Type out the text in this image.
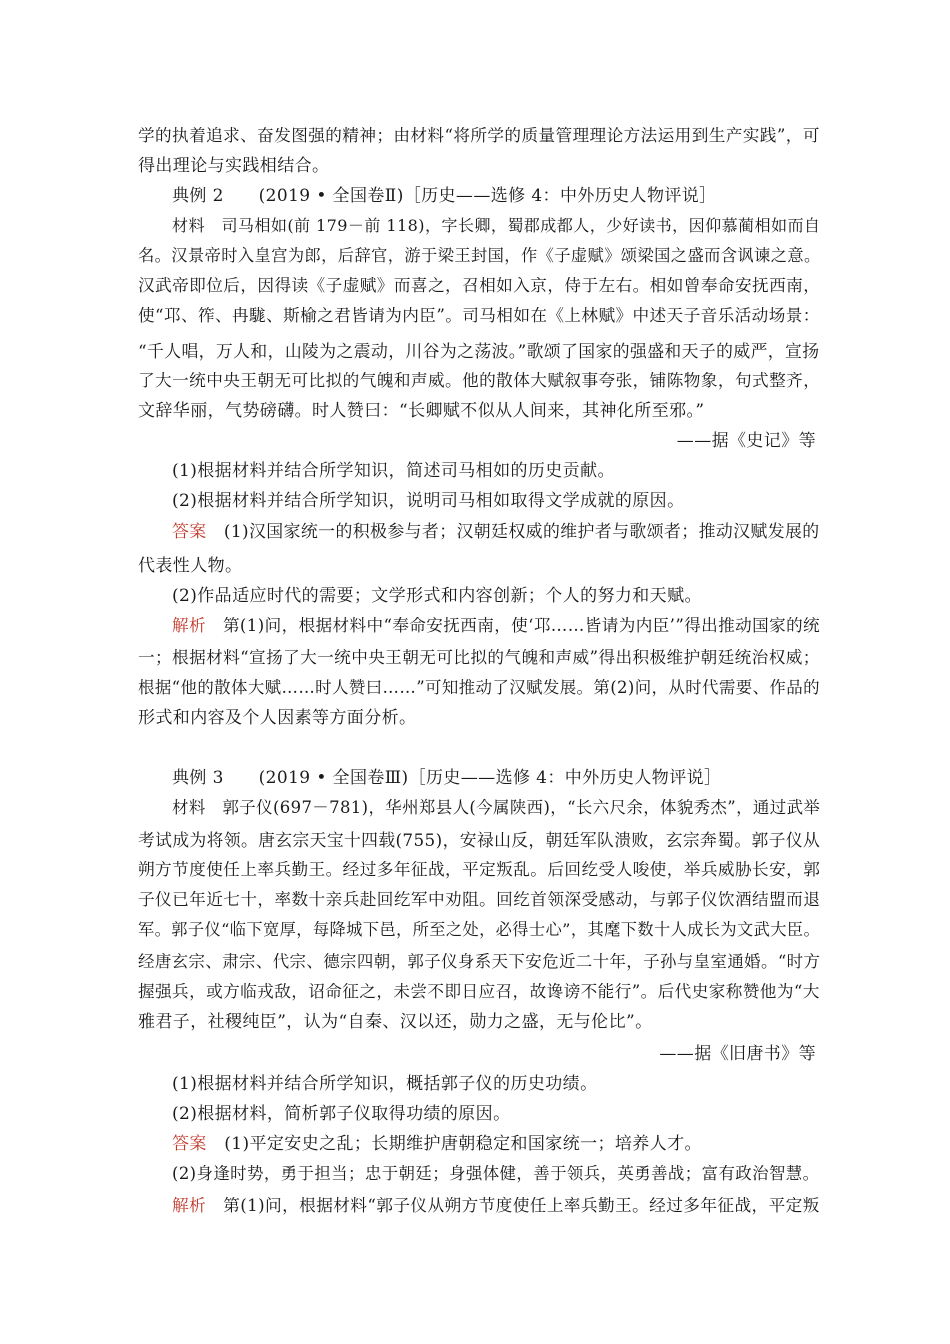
学的执着追求、奋发图强的精神；由材料“将所学的质量管理理论方法运用到生产实践”，可
得出理论与实践相结合。
典例 2　　(2019 • 全国卷Ⅱ)［历史——选修 4：中外历史人物评说］
材料　司马相如(前 179－前 118)，字长卿，蜀郡成都人，少好读书，因仰慕蔺相如而自
名。汉景帝时入皇宫为郎，后辞官，游于梁王封国，作《子虚赋》颂梁国之盛而含讽谏之意。
汉武帝即位后，因得读《子虚赋》而喜之，召相如入京，侍于左右。相如曾奉命安抚西南，
使“邛、筰、冉駹、斯榆之君皆请为内臣”。司马相如在《上林赋》中述天子音乐活动场景：
“千人唱，万人和，山陵为之震动，川谷为之荡波。”歌颂了国家的强盛和天子的威严，宣扬
了大一统中央王朝无可比拟的气魄和声威。他的散体大赋叙事夸张，铺陈物象，句式整齐，
文辞华丽，气势磅礴。时人赞曰：“长卿赋不似从人间来，其神化所至邪。”
——据《史记》等
(1)根据材料并结合所学知识，简述司马相如的历史贡献。
(2)根据材料并结合所学知识，说明司马相如取得文学成就的原因。
答案　(1)汉国家统一的积极参与者；汉朝廷权威的维护者与歌颂者；推动汉赋发展的
代表性人物。
(2)作品适应时代的需要；文学形式和内容创新；个人的努力和天赋。
解析　第(1)问，根据材料中“奉命安抚西南，使‘邛……皆请为内臣’”得出推动国家的统
一；根据材料“宣扬了大一统中央王朝无可比拟的气魄和声威”得出积极维护朝廷统治权威；
根据“他的散体大赋……时人赞曰……”可知推动了汉赋发展。第(2)问，从时代需要、作品的
形式和内容及个人因素等方面分析。
典例 3　　(2019 • 全国卷Ⅲ)［历史——选修 4：中外历史人物评说］
材料　郭子仪(697－781)，华州郑县人(今属陕西)，“长六尺余，体貌秀杰”，通过武举
考试成为将领。唐玄宗天宝十四载(755)，安禄山反，朝廷军队溃败，玄宗奔蜀。郭子仪从
朔方节度使任上率兵勤王。经过多年征战，平定叛乱。后回纥受人唆使，举兵威胁长安，郭
子仪已年近七十，率数十亲兵赴回纥军中劝阻。回纥首领深受感动，与郭子仪饮酒结盟而退
军。郭子仪“临下宽厚，每降城下邑，所至之处，必得士心”，其麾下数十人成长为文武大臣。
经唐玄宗、肃宗、代宗、德宗四朝，郭子仪身系天下安危近二十年，子孙与皇室通婚。“时方
握强兵，或方临戎敌，诏命征之，未尝不即日应召，故谗谤不能行”。后代史家称赞他为“大
雅君子，社稷纯臣”，认为“自秦、汉以还，勋力之盛，无与伦比”。
——据《旧唐书》等
(1)根据材料并结合所学知识，概括郭子仪的历史功绩。
(2)根据材料，简析郭子仪取得功绩的原因。
答案　(1)平定安史之乱；长期维护唐朝稳定和国家统一；培养人才。
(2)身逢时势，勇于担当；忠于朝廷；身强体健，善于领兵，英勇善战；富有政治智慧。
解析　第(1)问，根据材料“郭子仪从朔方节度使任上率兵勤王。经过多年征战，平定叛
